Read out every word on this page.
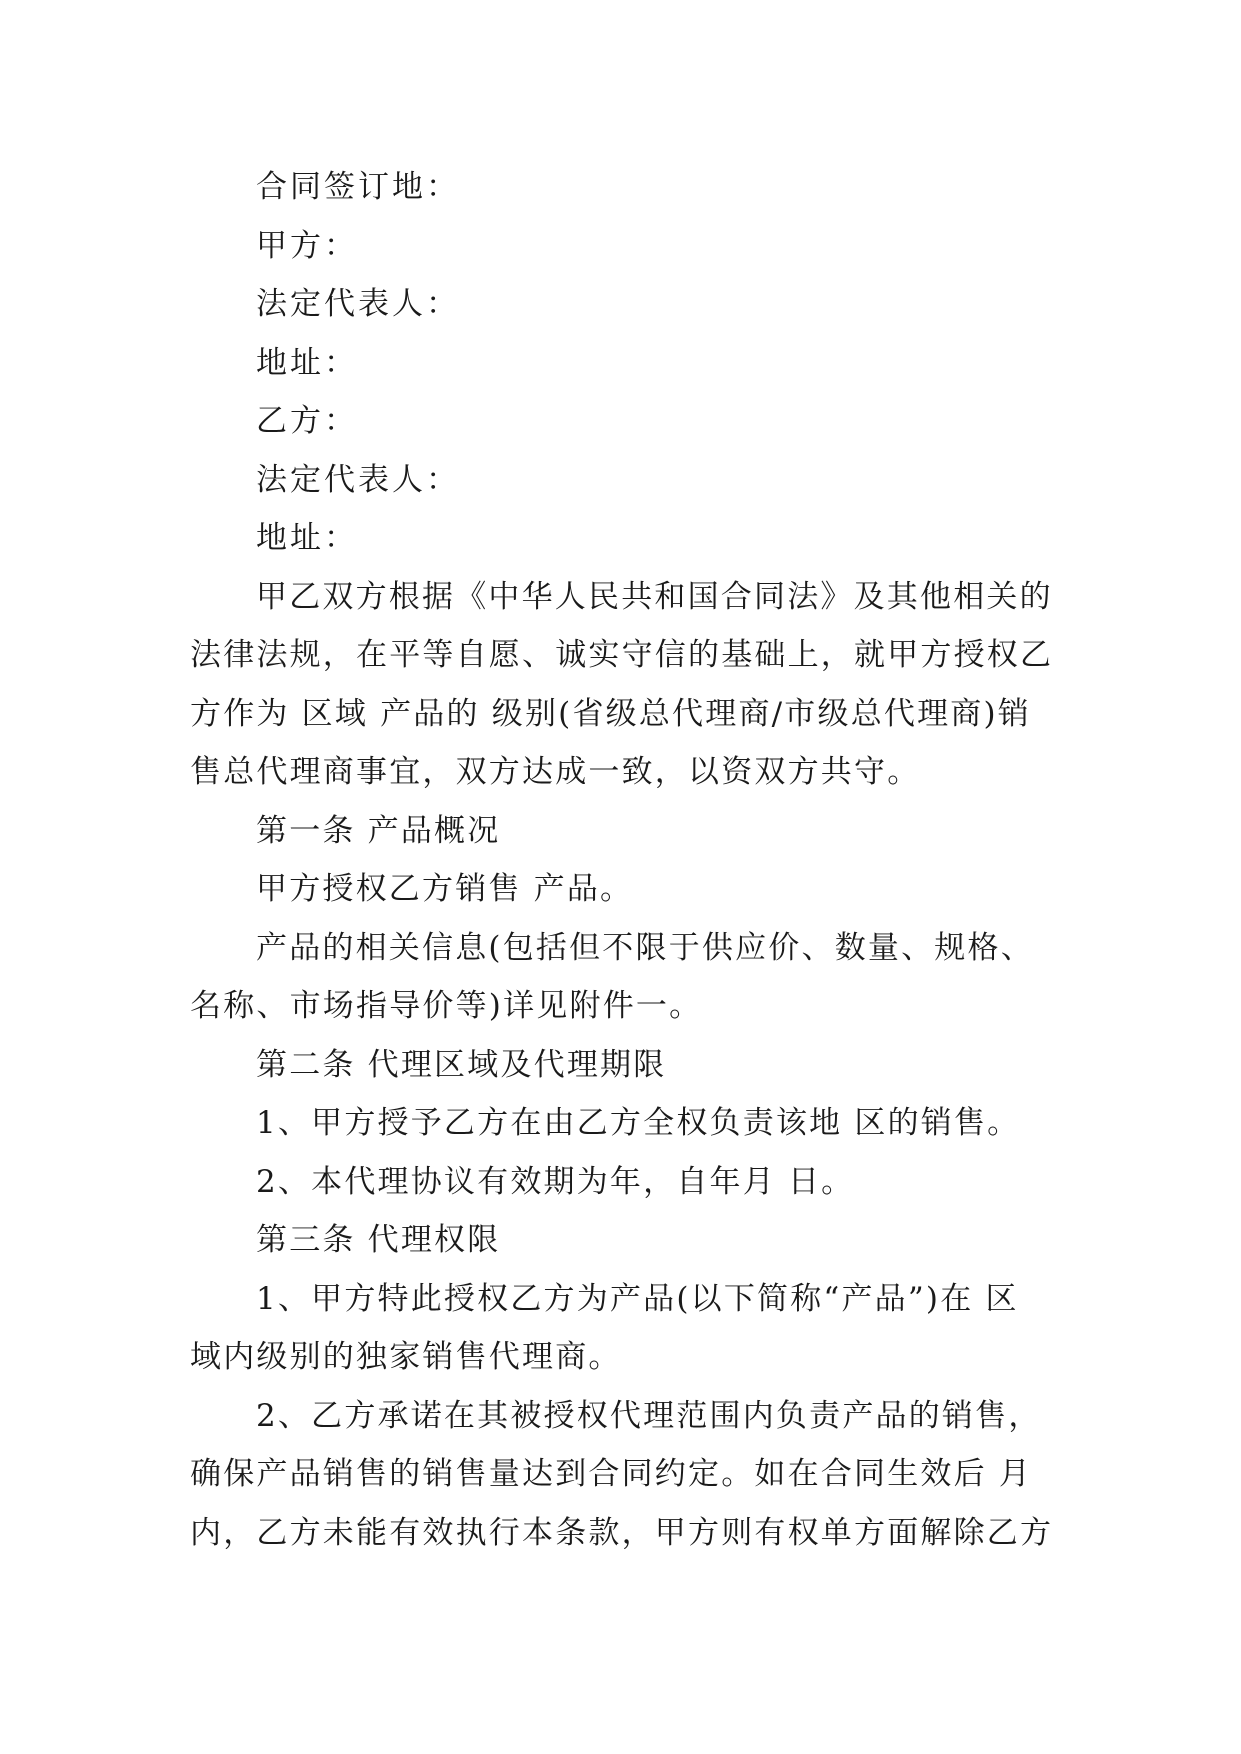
合同签订地：

甲方：

法定代表人：

地址：

乙方：

法定代表人：

地址：

甲乙双方根据《中华人民共和国合同法》及其他相关的

法律法规，在平等自愿、诚实守信的基础上，就甲方授权乙

方作为 区域 产品的 级别(省级总代理商/市级总代理商)销

售总代理商事宜，双方达成一致，以资双方共守。

第一条 产品概况

甲方授权乙方销售 产品。

产品的相关信息(包括但不限于供应价、数量、规格、

名称、市场指导价等)详见附件一。

第二条 代理区域及代理期限

1、甲方授予乙方在由乙方全权负责该地 区的销售。

2、本代理协议有效期为年，自年月 日。

第三条 代理权限

1、甲方特此授权乙方为产品(以下简称“产品”)在 区

域内级别的独家销售代理商。

2、乙方承诺在其被授权代理范围内负责产品的销售，

确保产品销售的销售量达到合同约定。如在合同生效后 月

内，乙方未能有效执行本条款，甲方则有权单方面解除乙方
